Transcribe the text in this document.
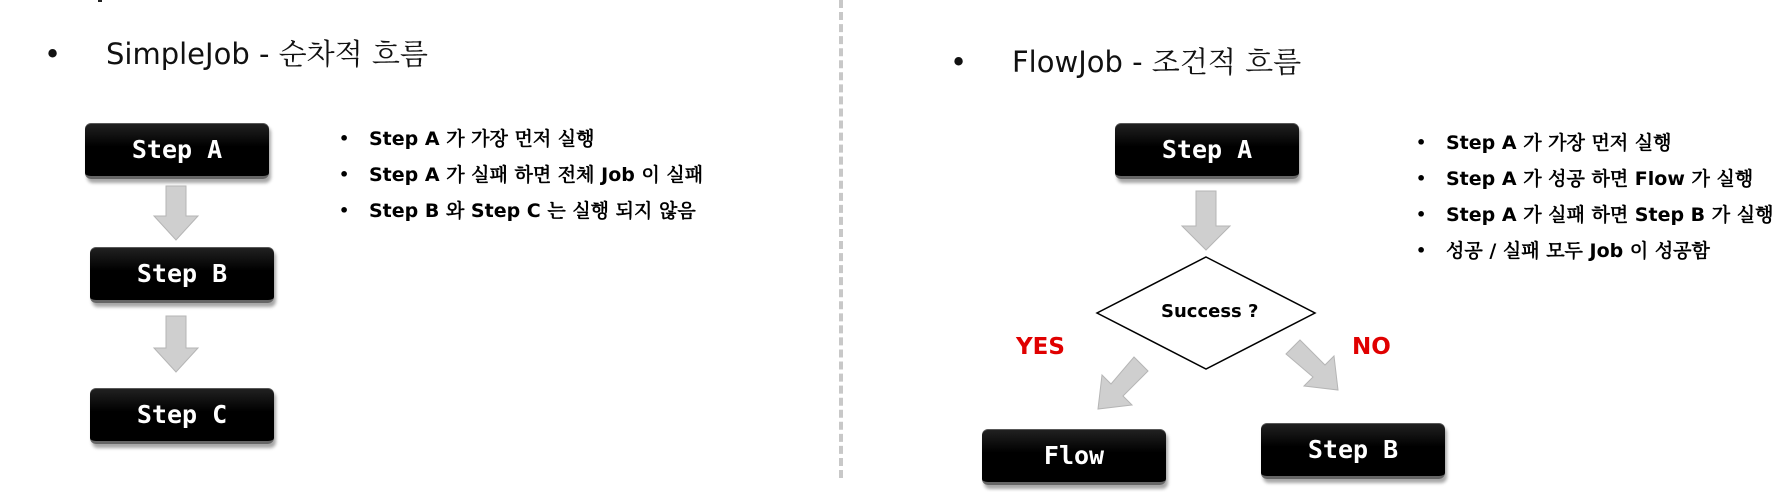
• SimpleJob - 순차적 흐름
Step A
Step B
Step C
• Step A 가 가장 먼저 실행
• Step A 가 실패 하면 전체 Job 이 실패
• Step B 와 Step C 는 실행 되지 않음
• FlowJob - 조건적 흐름
Step A
Success ?
YES	NO
Flow	Step B
• Step A 가 가장 먼저 실행
• Step A 가 성공 하면 Flow 가 실행
• Step A 가 실패 하면 Step B 가 실행
• 성공 / 실패 모두 Job 이 성공함
